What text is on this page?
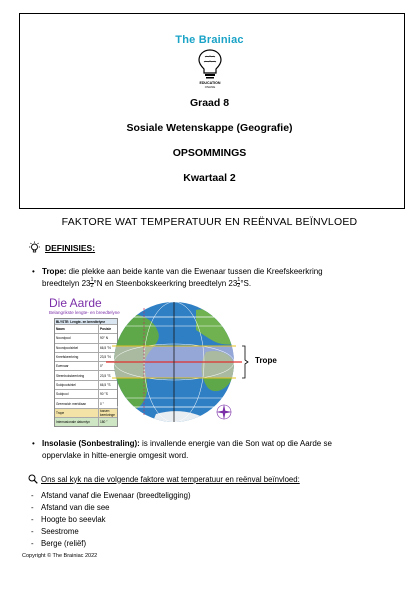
The Brainiac
EDUCATION
ONLINE
Graad 8
Sosiale Wetenskappe (Geografie)
OPSOMMINGS
Kwartaal 2
FAKTORE WAT TEMPERATUUR EN REËNVAL BEÏNVLOED
DEFINISIES:
• Trope: die plekke aan beide kante van die Ewenaar tussen die Kreefskeerkring
breedtelyn $23 \frac{1}{2} ^\circ N$ en Steenbokskeerkring breedtelyn $23 \frac{1}{2} ^\circ S$.
Die Aarde
Belangrikste lengte- en breedtelyne
BLYSTE: Lengte- en breedtelyne
Naam	Posisie
Noordpool	90° N
Noordpoolsirkel	66,5 °N
Kreefskeerkring	23,5 °N
Ewenaar	0°
Steenbokskeerkring	23,5 °S
Suidpoolsirkel	66,5 °S
Suidpool	90 °S
Greenwich meridiaan	0 °
Trope	tussen keerkringe
Internasionale datumlyn	180 °
Trope
• Insolasie (Sonbestraling): is invallende energie van die Son wat op die Aarde se
oppervlake in hitte-energie omgesit word.
Ons sal kyk na die volgende faktore wat temperatuur en reënval beïnvloed:
- Afstand vanaf die Ewenaar (breedteligging)
- Afstand van die see
- Hoogte bo seevlak
- Seestrome
- Berge (reliëf)
Copyright © The Brainiac 2022
